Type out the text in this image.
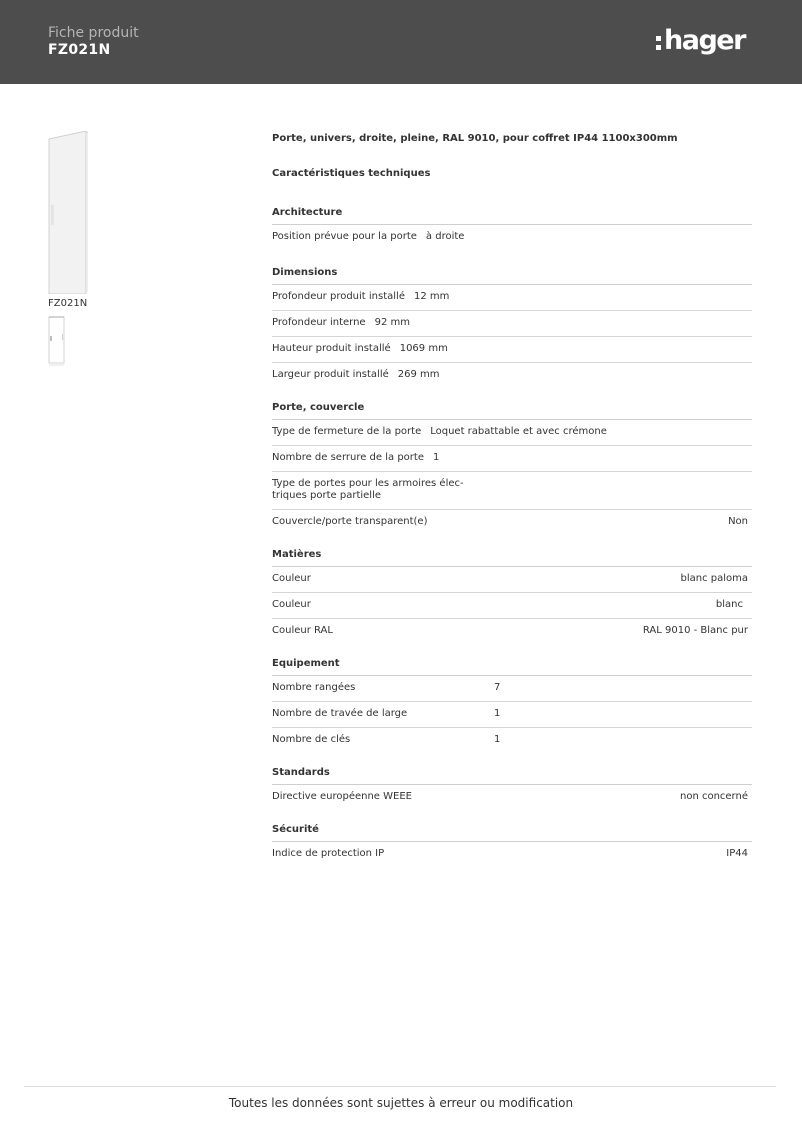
Fiche produit
FZ021N	hager
FZ021N
Porte, univers, droite, pleine, RAL 9010, pour coffret IP44 1100x300mm
Caractéristiques techniques
Architecture
Position prévue pour la porte à droite
Dimensions
Profondeur produit installé 12 mm
Profondeur interne 92 mm
Hauteur produit installé 1069 mm
Largeur produit installé 269 mm
Porte, couvercle
Type de fermeture de la porte Loquet rabattable et avec crémone
Nombre de serrure de la porte 1
Type de portes pour les armoires élec-
triques porte partielle
Couvercle/porte transparent(e)	Non
Matières
Couleur	blanc paloma
Couleur	blanc
Couleur RAL	RAL 9010 - Blanc pur
Equipement
Nombre rangées	7
Nombre de travée de large	1
Nombre de clés	1
Standards
Directive européenne WEEE	non concerné
Sécurité
Indice de protection IP	IP44
Toutes les données sont sujettes à erreur ou modification
